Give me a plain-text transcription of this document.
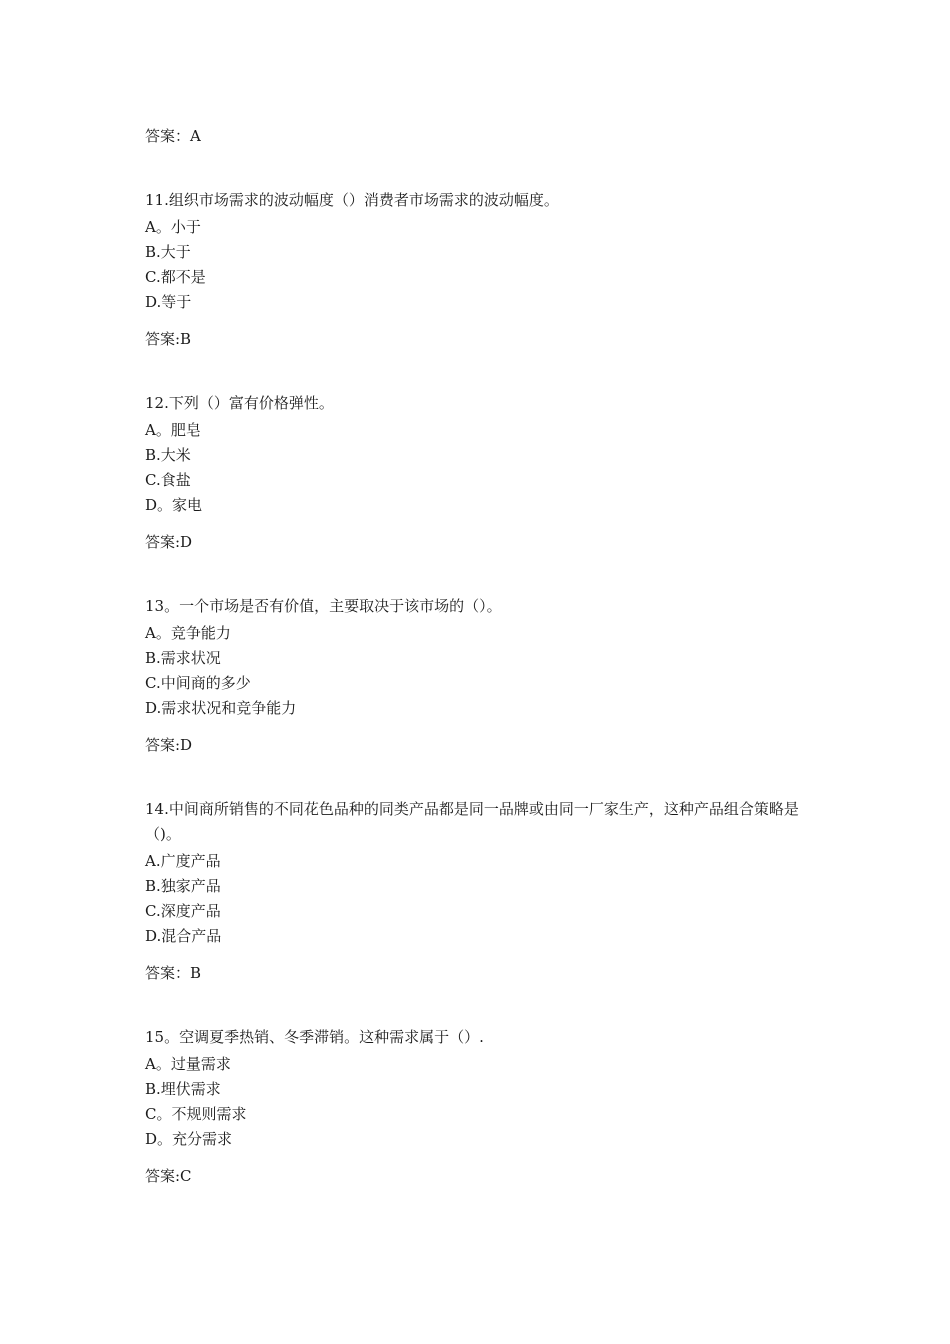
答案：A
11.组织市场需求的波动幅度（）消费者市场需求的波动幅度。
A。小于
B.大于
C.都不是
D.等于
答案:B
12.下列（）富有价格弹性。
A。肥皂
B.大米
C.食盐
D。家电
答案:D
13。一个市场是否有价值，主要取决于该市场的（）。
A。竞争能力
B.需求状况
C.中间商的多少
D.需求状况和竞争能力
答案:D
14.中间商所销售的不同花色品种的同类产品都是同一品牌或由同一厂家生产，这种产品组合策略是（)。
A.广度产品
B.独家产品
C.深度产品
D.混合产品
答案：B
15。空调夏季热销、冬季滞销。这种需求属于（）.
A。过量需求
B.埋伏需求
C。不规则需求
D。充分需求
答案:C
